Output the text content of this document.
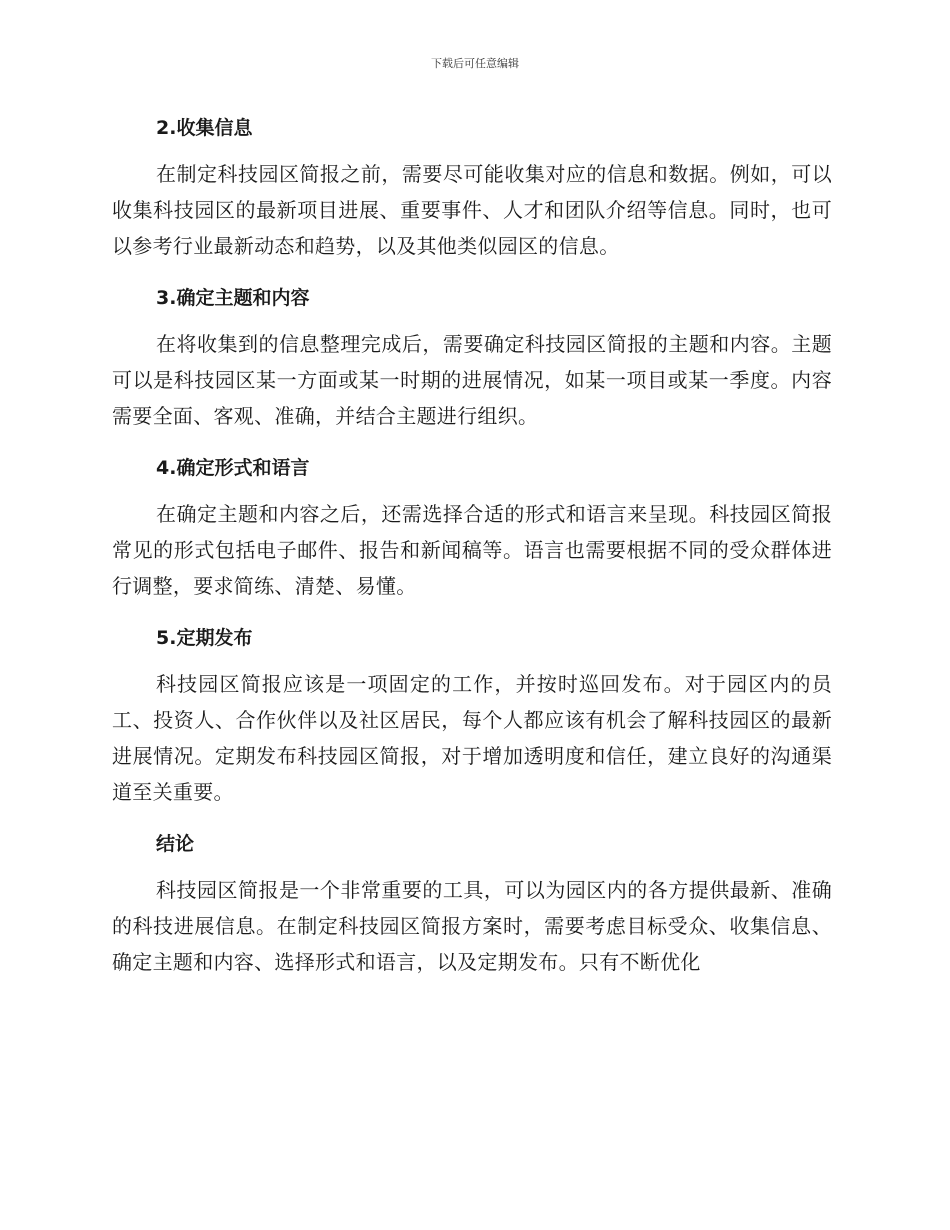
下载后可任意编辑
2.收集信息

在制定科技园区简报之前，需要尽可能收集对应的信息和数据。例如，可以收集科技园区的最新项目进展、重要事件、人才和团队介绍等信息。同时，也可以参考行业最新动态和趋势，以及其他类似园区的信息。

3.确定主题和内容

在将收集到的信息整理完成后，需要确定科技园区简报的主题和内容。主题可以是科技园区某一方面或某一时期的进展情况，如某一项目或某一季度。内容需要全面、客观、准确，并结合主题进行组织。

4.确定形式和语言

在确定主题和内容之后，还需选择合适的形式和语言来呈现。科技园区简报常见的形式包括电子邮件、报告和新闻稿等。语言也需要根据不同的受众群体进行调整，要求简练、清楚、易懂。

5.定期发布

科技园区简报应该是一项固定的工作，并按时巡回发布。对于园区内的员工、投资人、合作伙伴以及社区居民，每个人都应该有机会了解科技园区的最新进展情况。定期发布科技园区简报，对于增加透明度和信任，建立良好的沟通渠道至关重要。

结论

科技园区简报是一个非常重要的工具，可以为园区内的各方提供最新、准确的科技进展信息。在制定科技园区简报方案时，需要考虑目标受众、收集信息、确定主题和内容、选择形式和语言，以及定期发布。只有不断优化
